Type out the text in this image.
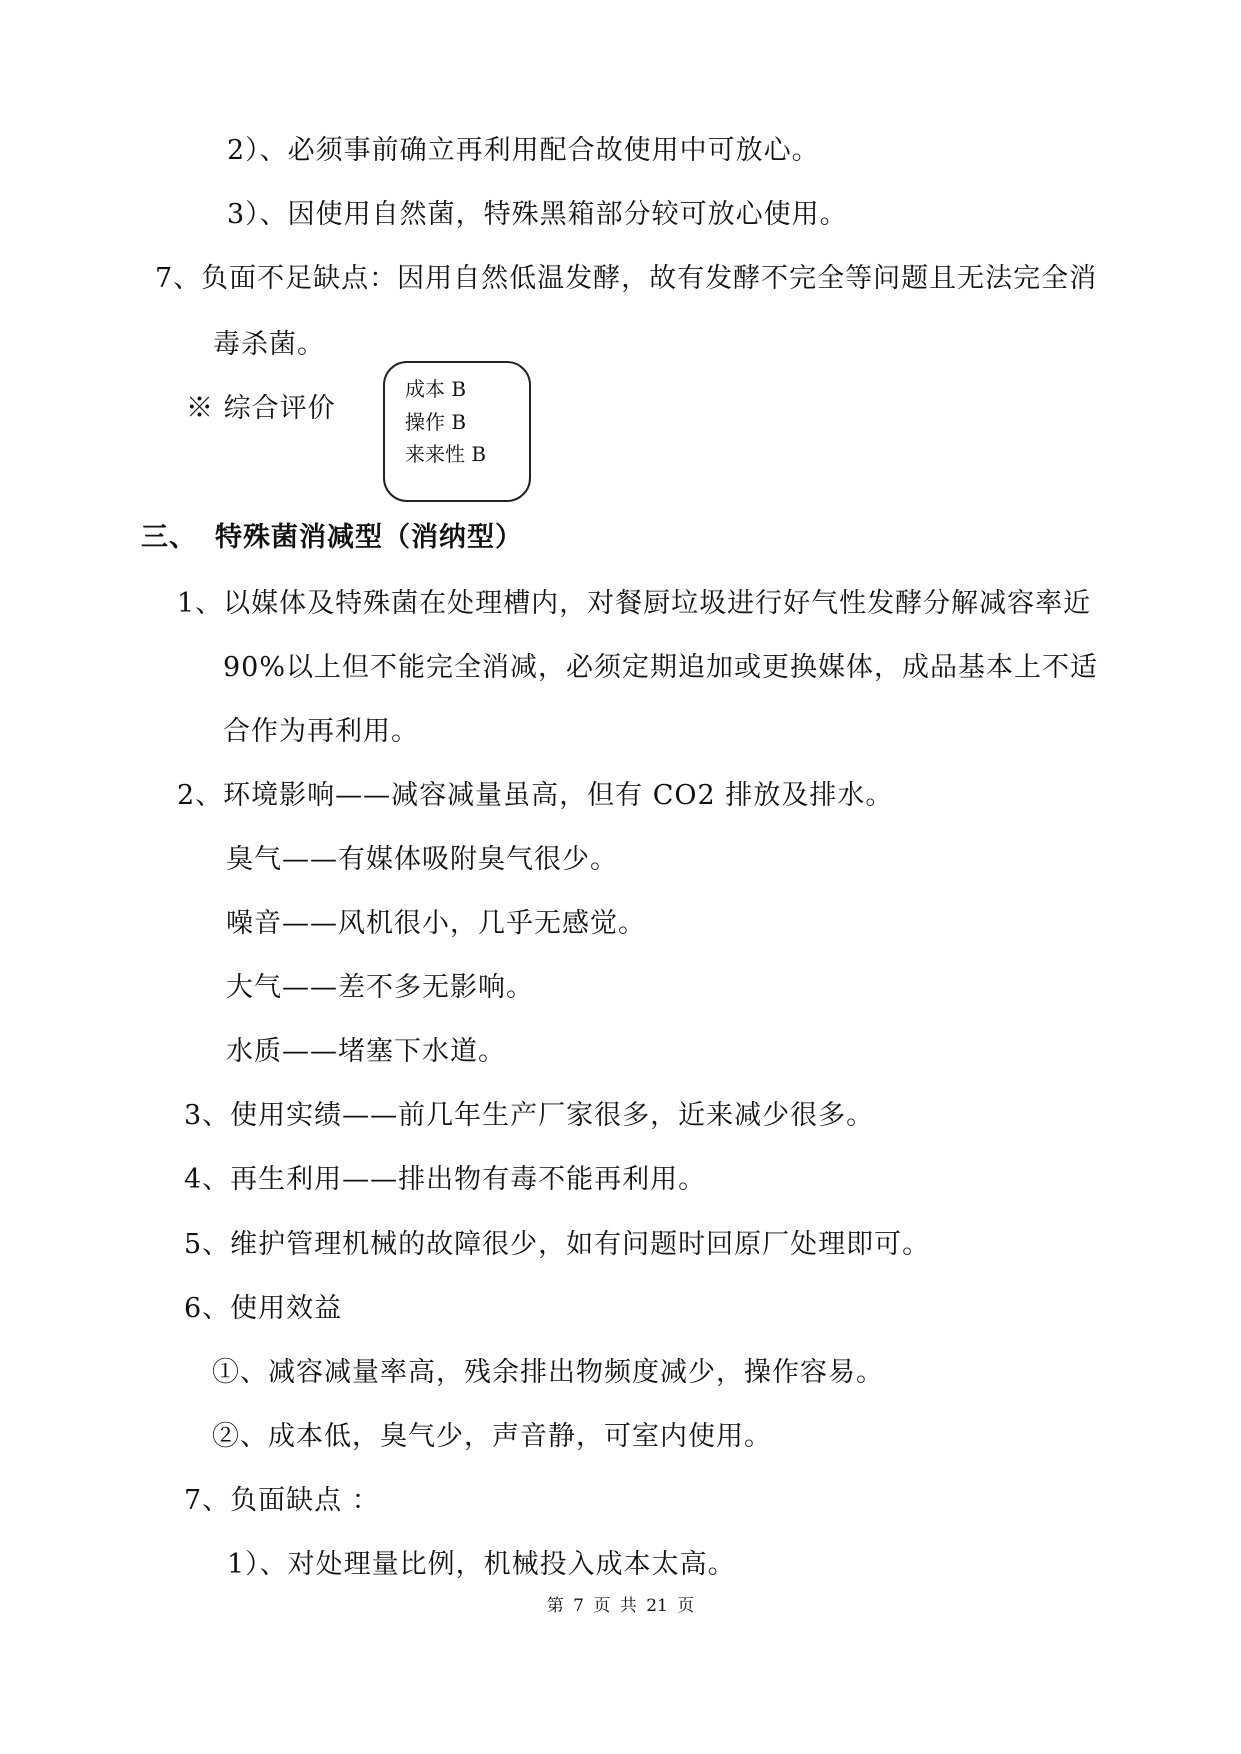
2）、必须事前确立再利用配合故使用中可放心。
3）、因使用自然菌，特殊黑箱部分较可放心使用。
7、负面不足缺点：因用自然低温发酵，故有发酵不完全等问题且无法完全消
毒杀菌。
※ 综合评价
成本 B
操作 B
来来性 B
三、 特殊菌消减型（消纳型）
1、以媒体及特殊菌在处理槽内，对餐厨垃圾进行好气性发酵分解减容率近
90%以上但不能完全消减，必须定期追加或更换媒体，成品基本上不适
合作为再利用。
2、环境影响——减容减量虽高，但有 CO2 排放及排水。
臭气——有媒体吸附臭气很少。
噪音——风机很小，几乎无感觉。
大气——差不多无影响。
水质——堵塞下水道。
3、使用实绩——前几年生产厂家很多，近来减少很多。
4、再生利用——排出物有毒不能再利用。
5、维护管理机械的故障很少，如有问题时回原厂处理即可。
6、使用效益
①、减容减量率高，残余排出物频度减少，操作容易。
②、成本低，臭气少，声音静，可室内使用。
7、负面缺点 ：
1）、对处理量比例，机械投入成本太高。
第 7 页 共 21 页
